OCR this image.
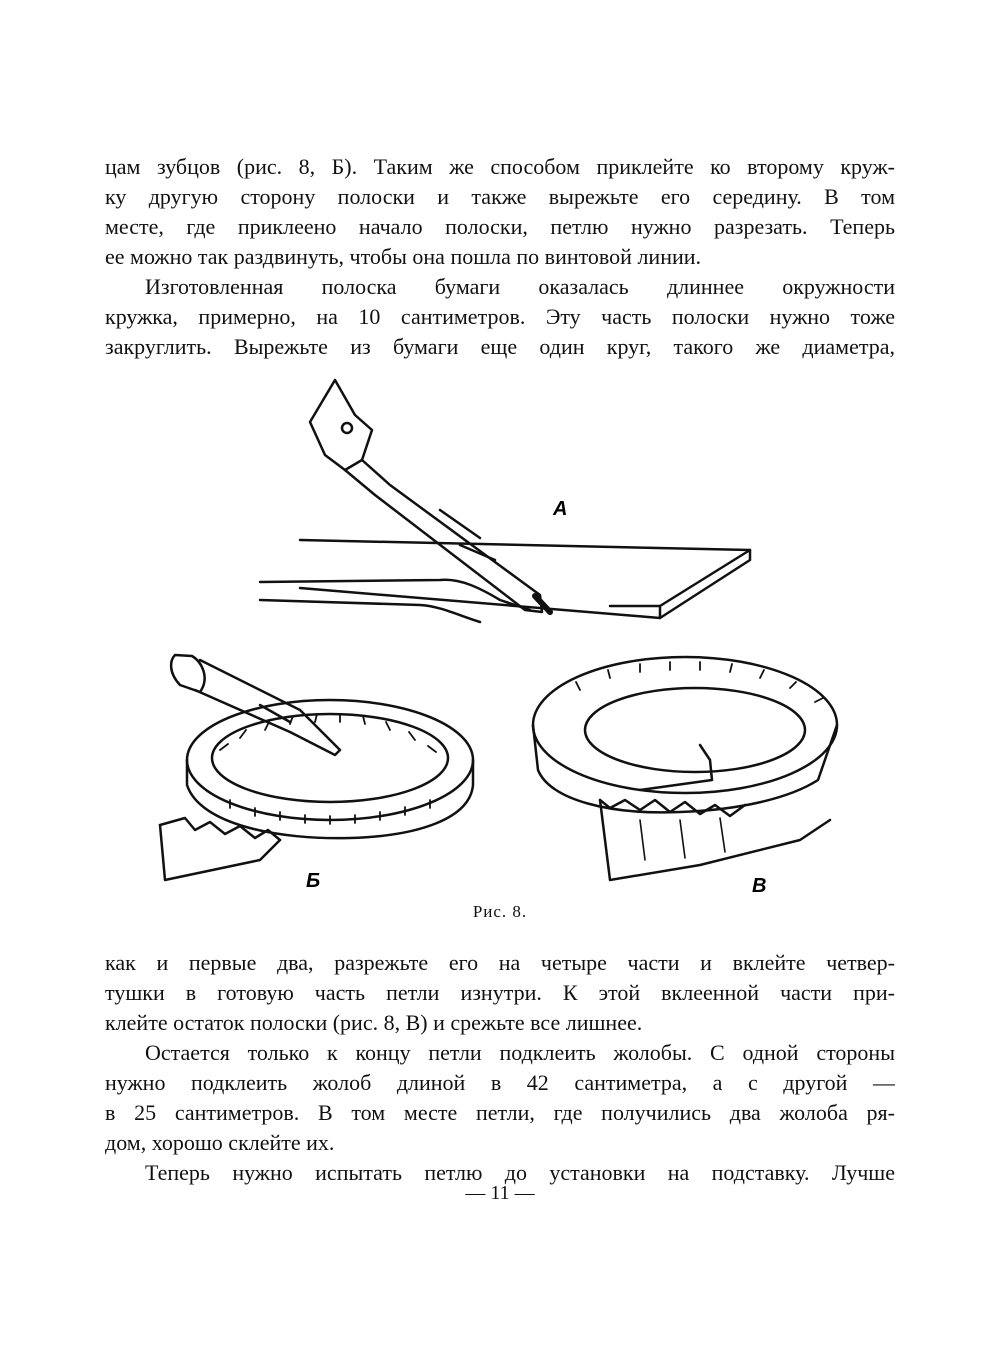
цам зубцов (рис. 8, Б). Таким же способом приклейте ко второму круж-
ку другую сторону полоски и также вырежьте его середину. В том
месте, где приклеено начало полоски, петлю нужно разрезать. Теперь
ее можно так раздвинуть, чтобы она пошла по винтовой линии.
Изготовленная полоска бумаги оказалась длиннее окружности
кружка, примерно, на 10 сантиметров. Эту часть полоски нужно тоже
закруглить. Вырежьте из бумаги еще один круг, такого же диаметра,
А
Б	В
Рис. 8.
как и первые два, разрежьте его на четыре части и вклейте четвер-
тушки в готовую часть петли изнутри. К этой вклеенной части при-
клейте остаток полоски (рис. 8, В) и срежьте все лишнее.
Остается только к концу петли подклеить жолобы. С одной стороны
нужно подклеить жолоб длиной в 42 сантиметра, а с другой —
в 25 сантиметров. В том месте петли, где получились два жолоба ря-
дом, хорошо склейте их.
Теперь нужно испытать петлю до установки на подставку. Лучше
— 11 —
